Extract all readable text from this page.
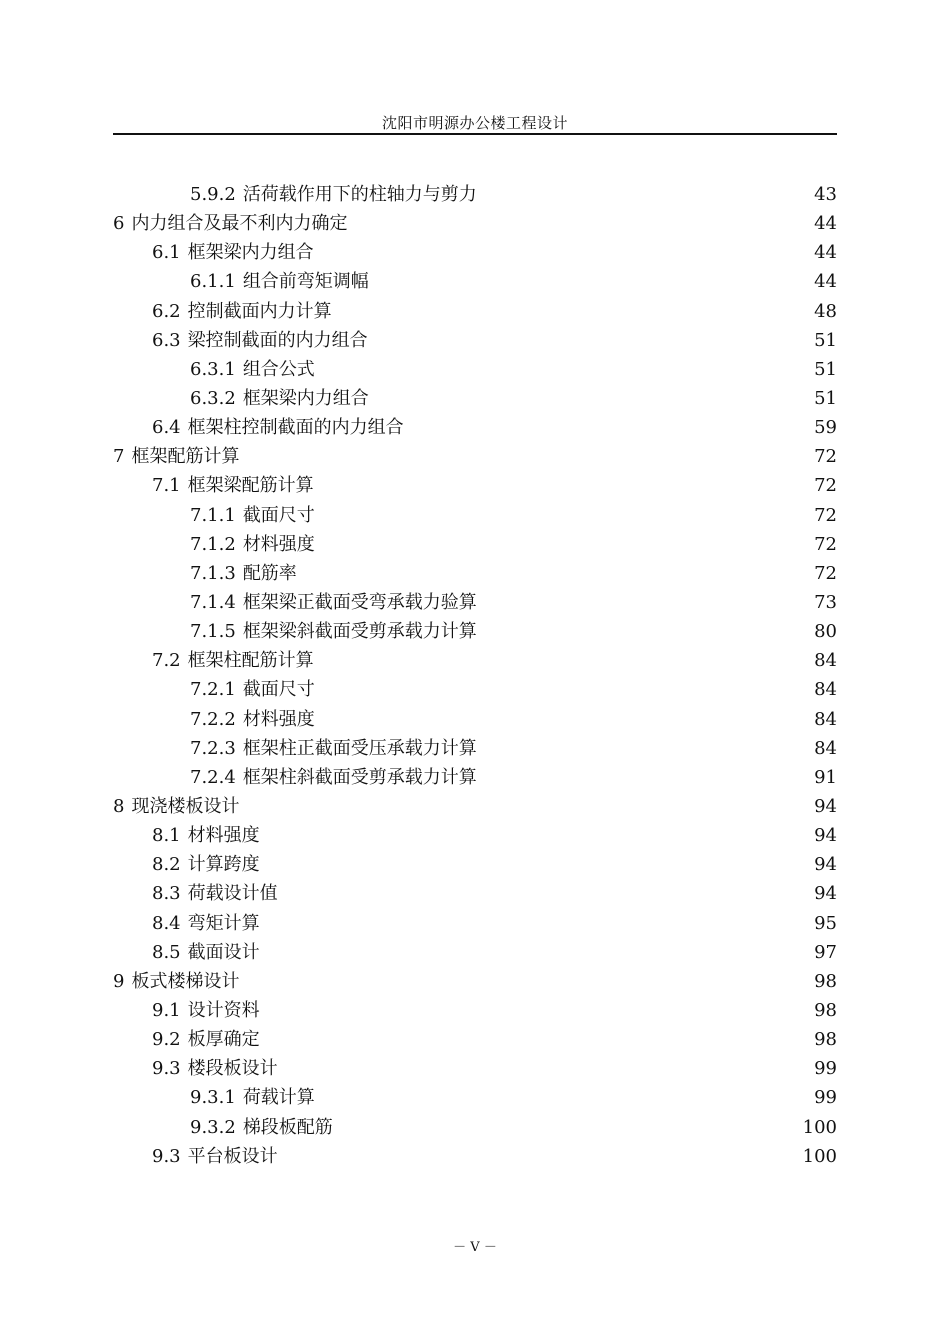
沈阳市明源办公楼工程设计
5.9.2 活荷载作用下的柱轴力与剪力	43
6 内力组合及最不利内力确定	44
6.1 框架梁内力组合	44
6.1.1 组合前弯矩调幅	44
6.2 控制截面内力计算	48
6.3 梁控制截面的内力组合	51
6.3.1 组合公式	51
6.3.2 框架梁内力组合	51
6.4 框架柱控制截面的内力组合	59
7 框架配筋计算	72
7.1 框架梁配筋计算	72
7.1.1 截面尺寸	72
7.1.2 材料强度	72
7.1.3 配筋率	72
7.1.4 框架梁正截面受弯承载力验算	73
7.1.5 框架梁斜截面受剪承载力计算	80
7.2 框架柱配筋计算	84
7.2.1 截面尺寸	84
7.2.2 材料强度	84
7.2.3 框架柱正截面受压承载力计算	84
7.2.4 框架柱斜截面受剪承载力计算	91
8 现浇楼板设计	94
8.1 材料强度	94
8.2 计算跨度	94
8.3 荷载设计值	94
8.4 弯矩计算	95
8.5 截面设计	97
9 板式楼梯设计	98
9.1 设计资料	98
9.2 板厚确定	98
9.3 楼段板设计	99
9.3.1 荷载计算	99
9.3.2 梯段板配筋	100
9.3 平台板设计	100
－ V －
